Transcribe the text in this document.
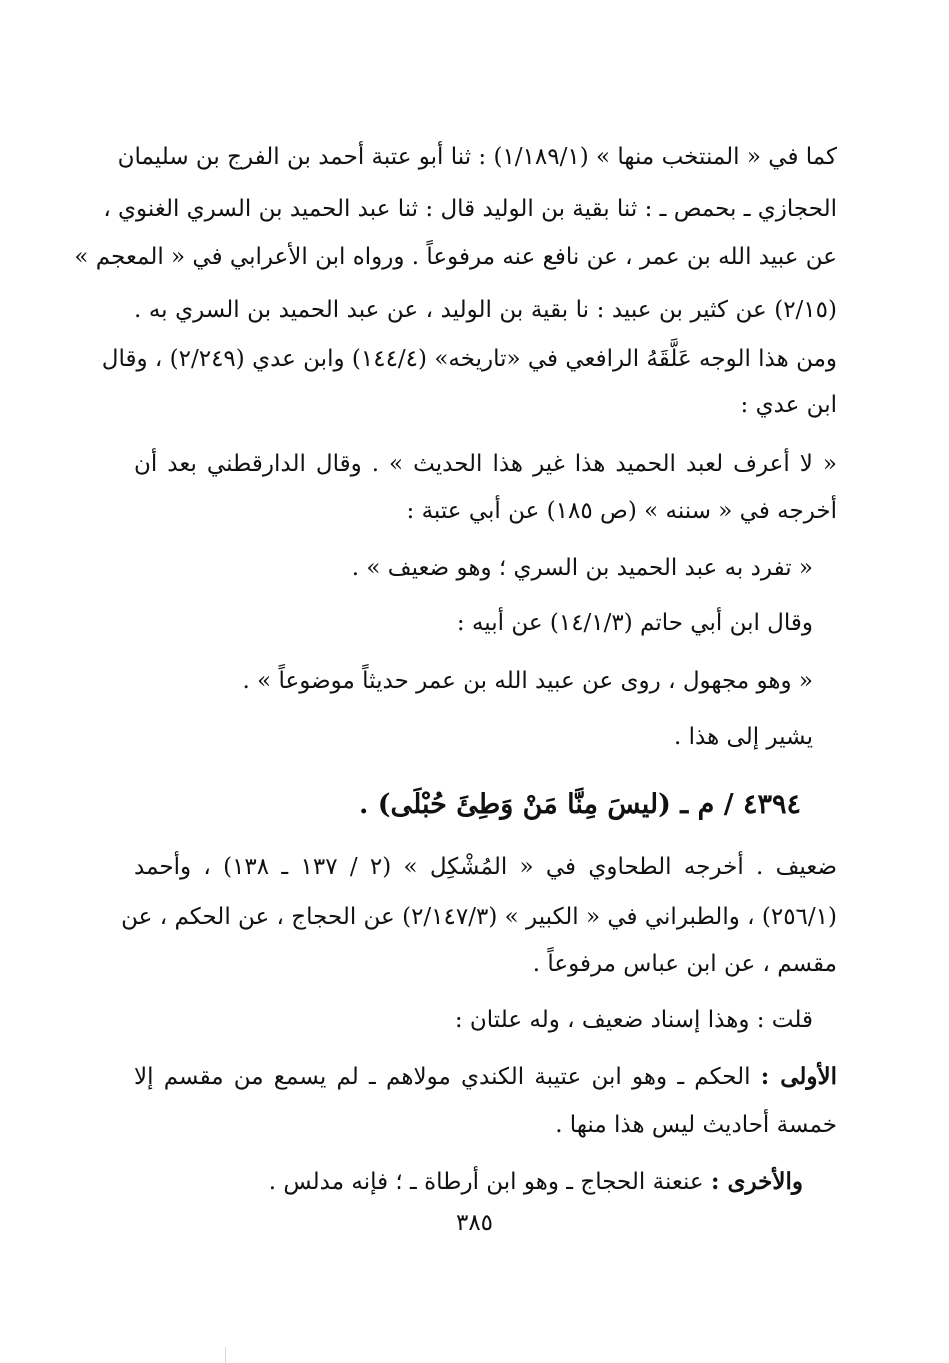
كما في « المنتخب منها » (١/١٨٩/١) : ثنا أبو عتبة أحمد بن الفرج بن سليمان
الحجازي ـ بحمص ـ : ثنا بقية بن الوليد قال : ثنا عبد الحميد بن السري الغنوي ،
عن عبيد الله بن عمر ، عن نافع عنه مرفوعاً . ورواه ابن الأعرابي في « المعجم »
(٢/١٥) عن كثير بن عبيد : نا بقية بن الوليد ، عن عبد الحميد بن السري به .
ومن هذا الوجه عَلَّقَهُ الرافعي في «تاريخه» (١٤٤/٤) وابن عدي (٢/٢٤٩) ، وقال
ابن عدي :
« لا أعرف لعبد الحميد هذا غير هذا الحديث » . وقال الدارقطني بعد أن
أخرجه في « سننه » (ص ١٨٥) عن أبي عتبة :
« تفرد به عبد الحميد بن السري ؛ وهو ضعيف » .
وقال ابن أبي حاتم (١٤/١/٣) عن أبيه :
« وهو مجهول ، روى عن عبيد الله بن عمر حديثاً موضوعاً » .
يشير إلى هذا .
٤٣٩٤ / م ـ (ليسَ مِنَّا مَنْ وَطِئَ حُبْلَى) .
ضعيف . أخرجه الطحاوي في « المُشْكِل » (٢ / ١٣٧ ـ ١٣٨) ، وأحمد
(٢٥٦/١) ، والطبراني في « الكبير » (٢/١٤٧/٣) عن الحجاج ، عن الحكم ، عن
مقسم ، عن ابن عباس مرفوعاً .
قلت : وهذا إسناد ضعيف ، وله علتان :
الأولى : الحكم ـ وهو ابن عتيبة الكندي مولاهم ـ لم يسمع من مقسم إلا
خمسة أحاديث ليس هذا منها .
والأخرى : عنعنة الحجاج ـ وهو ابن أرطاة ـ ؛ فإنه مدلس .
٣٨٥
